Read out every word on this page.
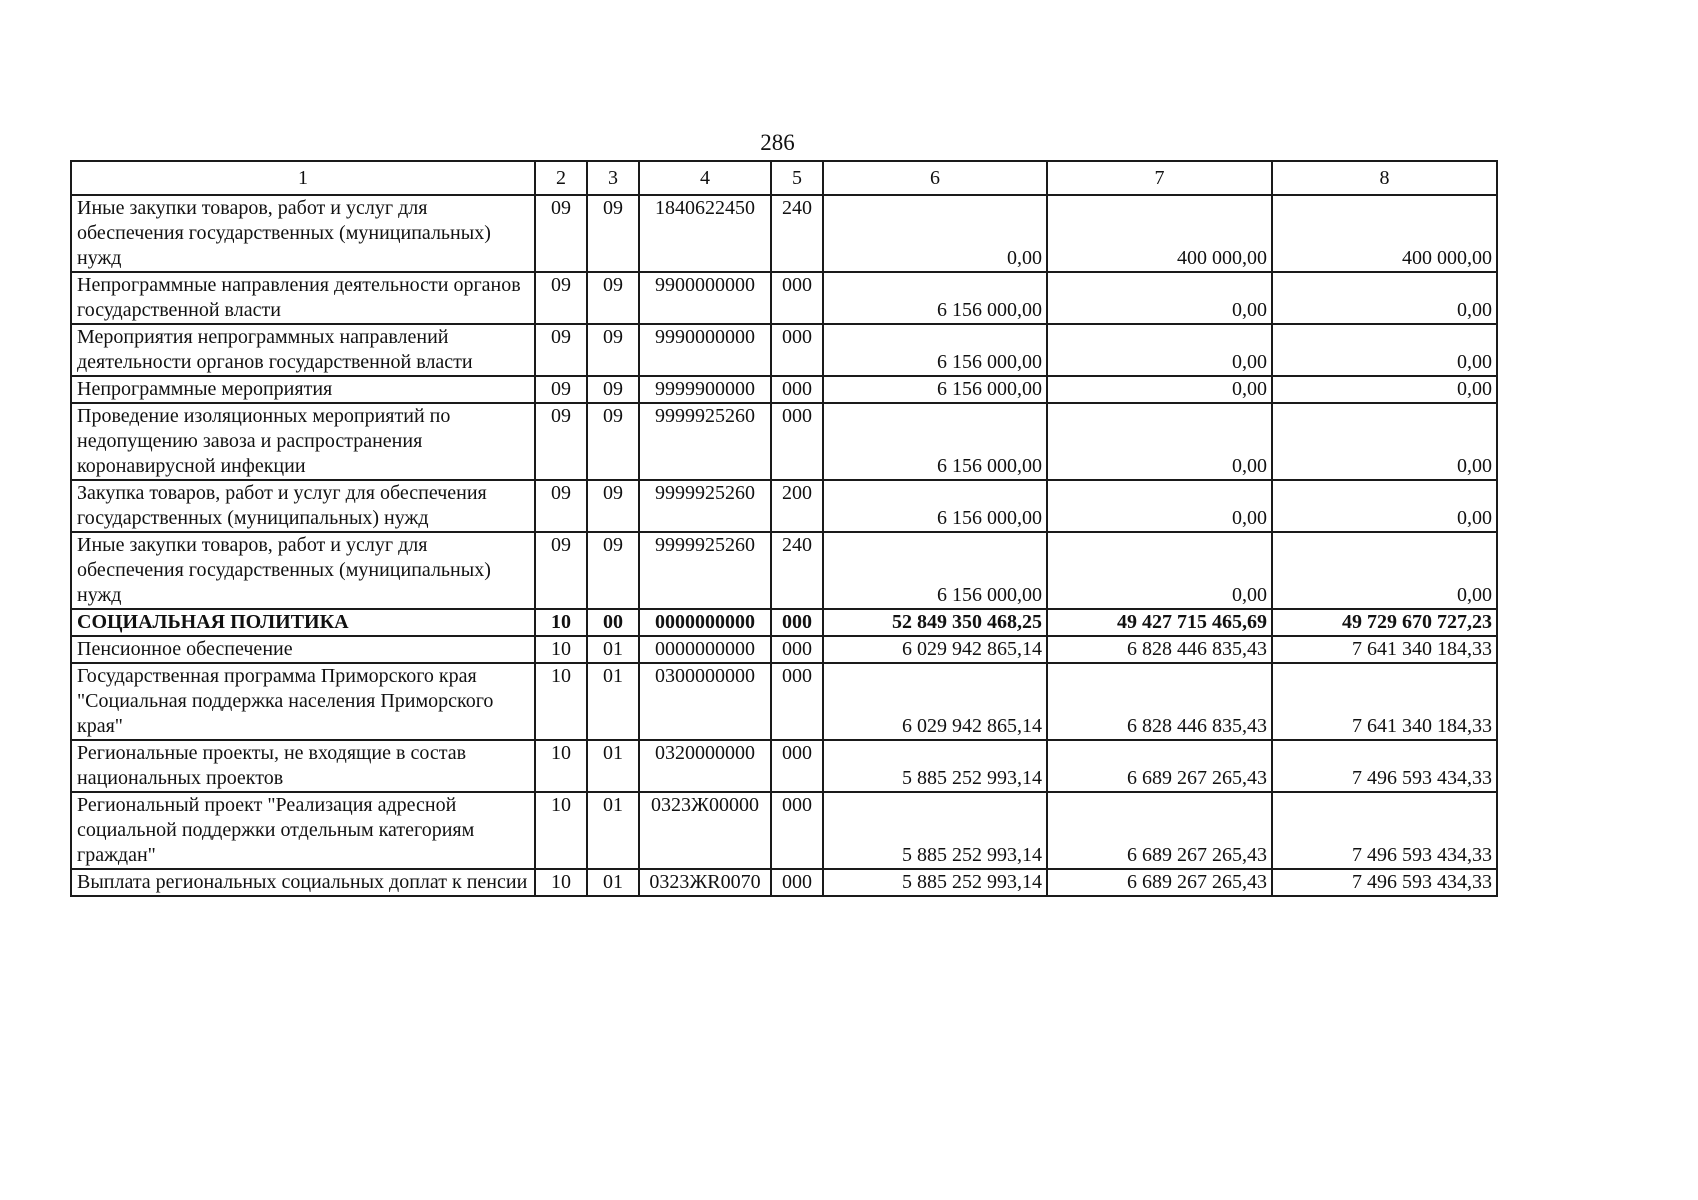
286
1	2	3	4	5	6	7	8
Иные закупки товаров, работ и услуг для обеспечения государственных (муниципальных) нужд	09	09	1840622450	240	0,00	400 000,00	400 000,00
Непрограммные направления деятельности органов государственной власти	09	09	9900000000	000	6 156 000,00	0,00	0,00
Мероприятия непрограммных направлений деятельности органов государственной власти	09	09	9990000000	000	6 156 000,00	0,00	0,00
Непрограммные мероприятия	09	09	9999900000	000	6 156 000,00	0,00	0,00
Проведение изоляционных мероприятий по недопущению завоза и распространения коронавирусной инфекции	09	09	9999925260	000	6 156 000,00	0,00	0,00
Закупка товаров, работ и услуг для обеспечения государственных (муниципальных) нужд	09	09	9999925260	200	6 156 000,00	0,00	0,00
Иные закупки товаров, работ и услуг для обеспечения государственных (муниципальных) нужд	09	09	9999925260	240	6 156 000,00	0,00	0,00
СОЦИАЛЬНАЯ ПОЛИТИКА	10	00	0000000000	000	52 849 350 468,25	49 427 715 465,69	49 729 670 727,23
Пенсионное обеспечение	10	01	0000000000	000	6 029 942 865,14	6 828 446 835,43	7 641 340 184,33
Государственная программа Приморского края "Социальная поддержка населения Приморского края"	10	01	0300000000	000	6 029 942 865,14	6 828 446 835,43	7 641 340 184,33
Региональные проекты, не входящие в состав национальных проектов	10	01	0320000000	000	5 885 252 993,14	6 689 267 265,43	7 496 593 434,33
Региональный проект "Реализация адресной социальной поддержки отдельным категориям граждан"	10	01	0323Ж00000	000	5 885 252 993,14	6 689 267 265,43	7 496 593 434,33
Выплата региональных социальных доплат к пенсии	10	01	0323ЖR0070	000	5 885 252 993,14	6 689 267 265,43	7 496 593 434,33
